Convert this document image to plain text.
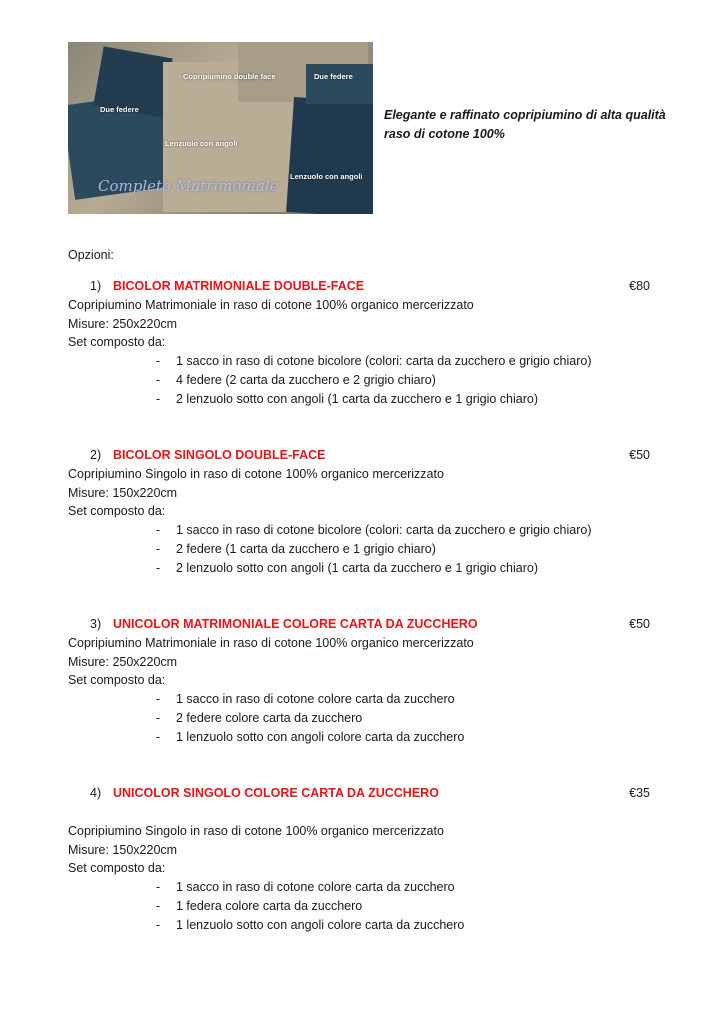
Copripiumino double face	Due federe
Due federe
Lenzuolo con angoli
Lenzuolo con angoli
Completo Matrimoniale
Elegante e raffinato copripiumino di alta qualità
raso di cotone 100%
Opzioni:
1) BICOLOR MATRIMONIALE DOUBLE-FACE	€80
Copripiumino Matrimoniale in raso di cotone 100% organico mercerizzato
Misure: 250x220cm
Set composto da:
- 1 sacco in raso di cotone bicolore (colori: carta da zucchero e grigio chiaro)
- 4 federe (2 carta da zucchero e 2 grigio chiaro)
- 2 lenzuolo sotto con angoli (1 carta da zucchero e 1 grigio chiaro)
2) BICOLOR SINGOLO DOUBLE-FACE	€50
Copripiumino Singolo in raso di cotone 100% organico mercerizzato
Misure: 150x220cm
Set composto da:
- 1 sacco in raso di cotone bicolore (colori: carta da zucchero e grigio chiaro)
- 2 federe (1 carta da zucchero e 1 grigio chiaro)
- 2 lenzuolo sotto con angoli (1 carta da zucchero e 1 grigio chiaro)
3) UNICOLOR MATRIMONIALE COLORE CARTA DA ZUCCHERO	€50
Copripiumino Matrimoniale in raso di cotone 100% organico mercerizzato
Misure: 250x220cm
Set composto da:
- 1 sacco in raso di cotone colore carta da zucchero
- 2 federe colore carta da zucchero
- 1 lenzuolo sotto con angoli colore carta da zucchero
4) UNICOLOR SINGOLO COLORE CARTA DA ZUCCHERO	€35
Copripiumino Singolo in raso di cotone 100% organico mercerizzato
Misure: 150x220cm
Set composto da:
- 1 sacco in raso di cotone colore carta da zucchero
- 1 federa colore carta da zucchero
- 1 lenzuolo sotto con angoli colore carta da zucchero
